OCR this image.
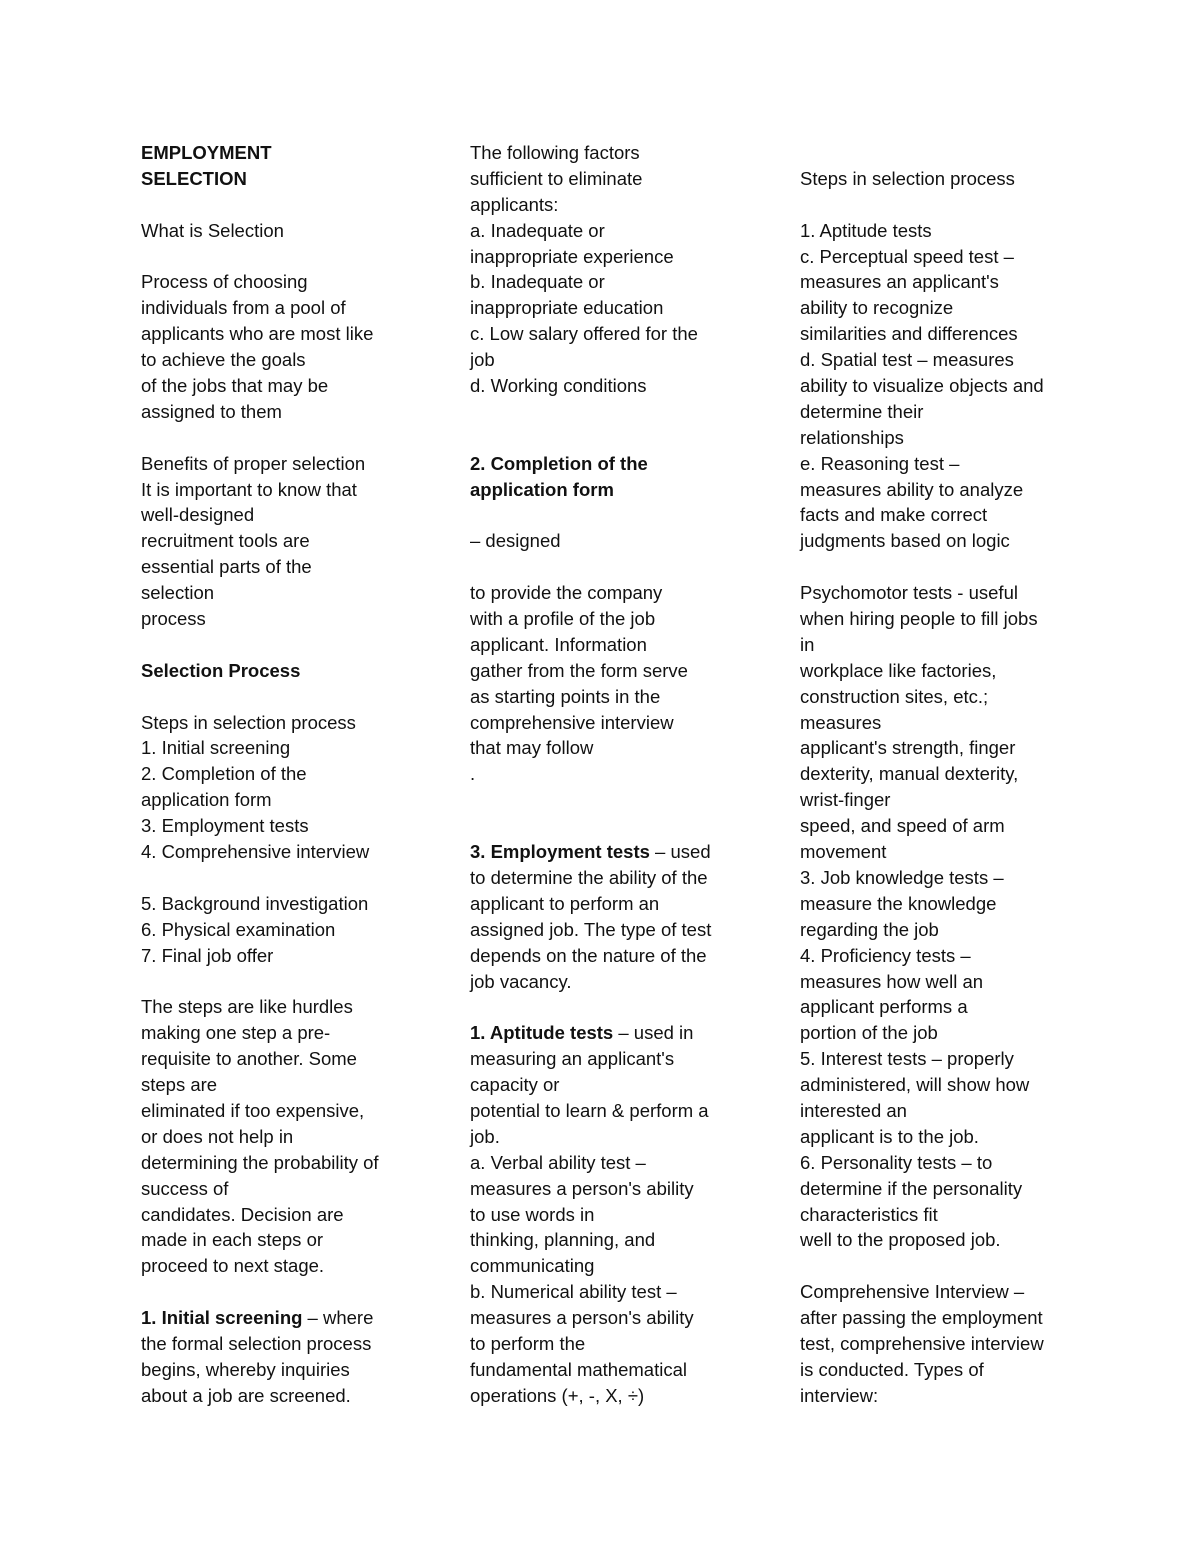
EMPLOYMENT
SELECTION
What is Selection
Process of choosing
individuals from a pool of
applicants who are most like
to achieve the goals
of the jobs that may be
assigned to them
Benefits of proper selection
It is important to know that
well-designed
recruitment tools are
essential parts of the
selection
process
Selection Process
Steps in selection process
1. Initial screening
2. Completion of the
application form
3. Employment tests
4. Comprehensive interview
5. Background investigation
6. Physical examination
7. Final job offer
The steps are like hurdles
making one step a pre-
requisite to another. Some
steps are
eliminated if too expensive,
or does not help in
determining the probability of
success of
candidates. Decision are
made in each steps or
proceed to next stage.
1. Initial screening – where
the formal selection process
begins, whereby inquiries
about a job are screened.
The following factors
sufficient to eliminate
applicants:
a. Inadequate or
inappropriate experience
b. Inadequate or
inappropriate education
c. Low salary offered for the
job
d. Working conditions
2. Completion of the
application form
– designed
to provide the company
with a profile of the job
applicant. Information
gather from the form serve
as starting points in the
comprehensive interview
that may follow
.
3. Employment tests – used
to determine the ability of the
applicant to perform an
assigned job. The type of test
depends on the nature of the
job vacancy.
1. Aptitude tests – used in
measuring an applicant's
capacity or
potential to learn & perform a
job.
a. Verbal ability test –
measures a person's ability
to use words in
thinking, planning, and
communicating
b. Numerical ability test –
measures a person's ability
to perform the
fundamental mathematical
operations (+, -, X, ÷)
Steps in selection process
1. Aptitude tests
c. Perceptual speed test –
measures an applicant's
ability to recognize
similarities and differences
d. Spatial test – measures
ability to visualize objects and
determine their
relationships
e. Reasoning test –
measures ability to analyze
facts and make correct
judgments based on logic
Psychomotor tests - useful
when hiring people to fill jobs
in
workplace like factories,
construction sites, etc.;
measures
applicant's strength, finger
dexterity, manual dexterity,
wrist-finger
speed, and speed of arm
movement
3. Job knowledge tests –
measure the knowledge
regarding the job
4. Proficiency tests –
measures how well an
applicant performs a
portion of the job
5. Interest tests – properly
administered, will show how
interested an
applicant is to the job.
6. Personality tests – to
determine if the personality
characteristics fit
well to the proposed job.
Comprehensive Interview –
after passing the employment
test, comprehensive interview
is conducted. Types of
interview:
